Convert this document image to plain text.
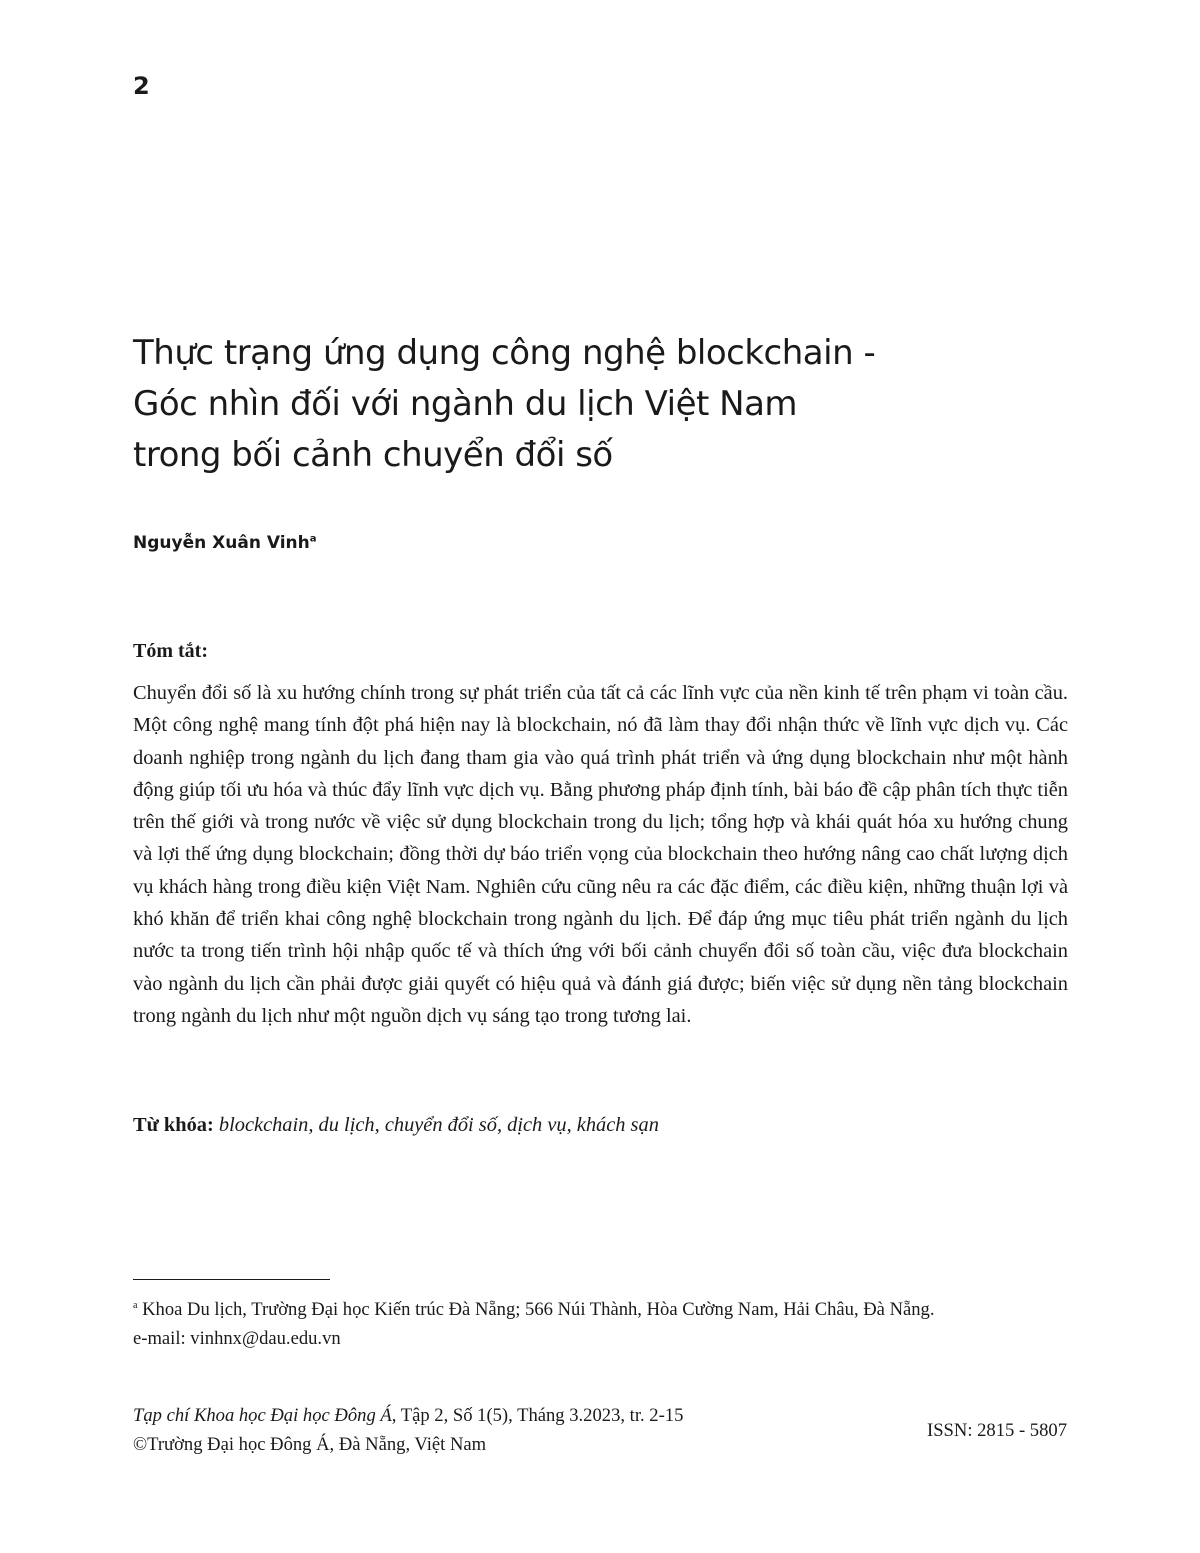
2
Thực trạng ứng dụng công nghệ blockchain -
Góc nhìn đối với ngành du lịch Việt Nam
trong bối cảnh chuyển đổi số
Nguyễn Xuân Vinh$^a$
Tóm tắt:

Chuyển đổi số là xu hướng chính trong sự phát triển của tất cả các lĩnh vực của nền kinh tế trên phạm vi toàn cầu. Một công nghệ mang tính đột phá hiện nay là blockchain, nó đã làm thay đổi nhận thức về lĩnh vực dịch vụ. Các doanh nghiệp trong ngành du lịch đang tham gia vào quá trình phát triển và ứng dụng blockchain như một hành động giúp tối ưu hóa và thúc đẩy lĩnh vực dịch vụ. Bằng phương pháp định tính, bài báo đề cập phân tích thực tiễn trên thế giới và trong nước về việc sử dụng blockchain trong du lịch; tổng hợp và khái quát hóa xu hướng chung và lợi thế ứng dụng blockchain; đồng thời dự báo triển vọng của blockchain theo hướng nâng cao chất lượng dịch vụ khách hàng trong điều kiện Việt Nam. Nghiên cứu cũng nêu ra các đặc điểm, các điều kiện, những thuận lợi và khó khăn để triển khai công nghệ blockchain trong ngành du lịch. Để đáp ứng mục tiêu phát triển ngành du lịch nước ta trong tiến trình hội nhập quốc tế và thích ứng với bối cảnh chuyển đổi số toàn cầu, việc đưa blockchain vào ngành du lịch cần phải được giải quyết có hiệu quả và đánh giá được; biến việc sử dụng nền tảng blockchain trong ngành du lịch như một nguồn dịch vụ sáng tạo trong tương lai.

Từ khóa: blockchain, du lịch, chuyển đổi số, dịch vụ, khách sạn
$^a$ Khoa Du lịch, Trường Đại học Kiến trúc Đà Nẵng; 566 Núi Thành, Hòa Cường Nam, Hải Châu, Đà Nẵng.
e-mail: vinhnx@dau.edu.vn
Tạp chí Khoa học Đại học Đông Á, Tập 2, Số 1(5), Tháng 3.2023, tr. 2-15
©Trường Đại học Đông Á, Đà Nẵng, Việt Nam
ISSN: 2815 - 5807
